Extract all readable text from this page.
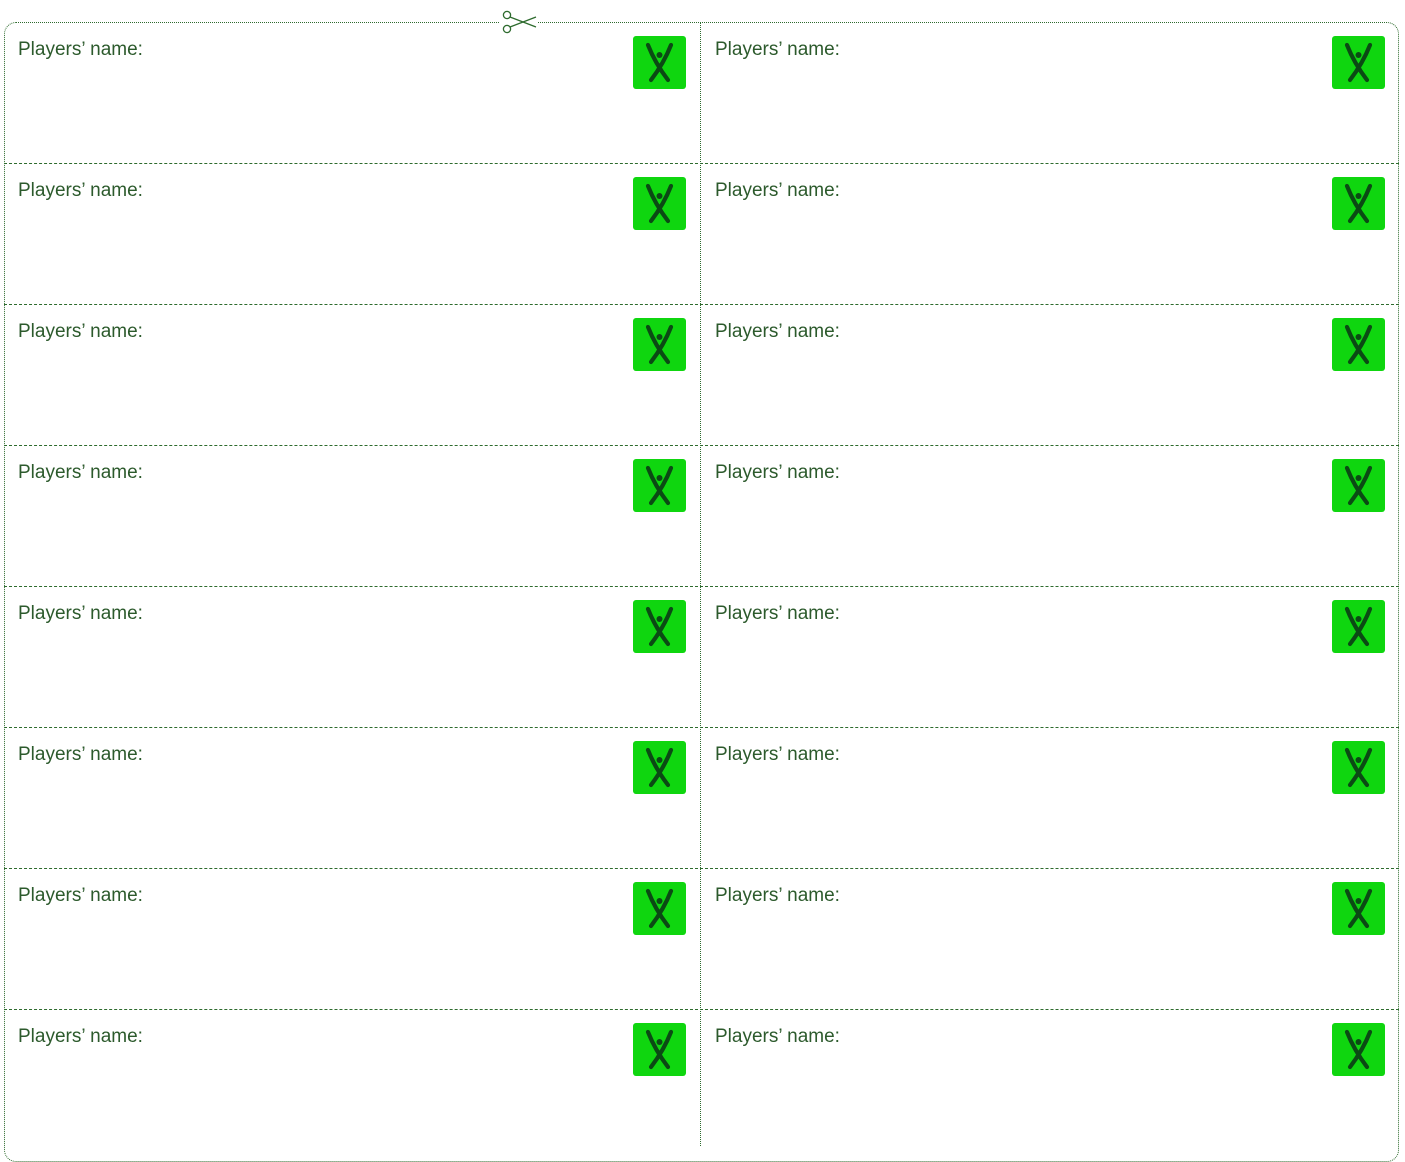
Players’ name:	Players’ name:
Players’ name:	Players’ name:
Players’ name:	Players’ name:
Players’ name:	Players’ name:
Players’ name:	Players’ name:
Players’ name:	Players’ name:
Players’ name:	Players’ name:
Players’ name:	Players’ name:
